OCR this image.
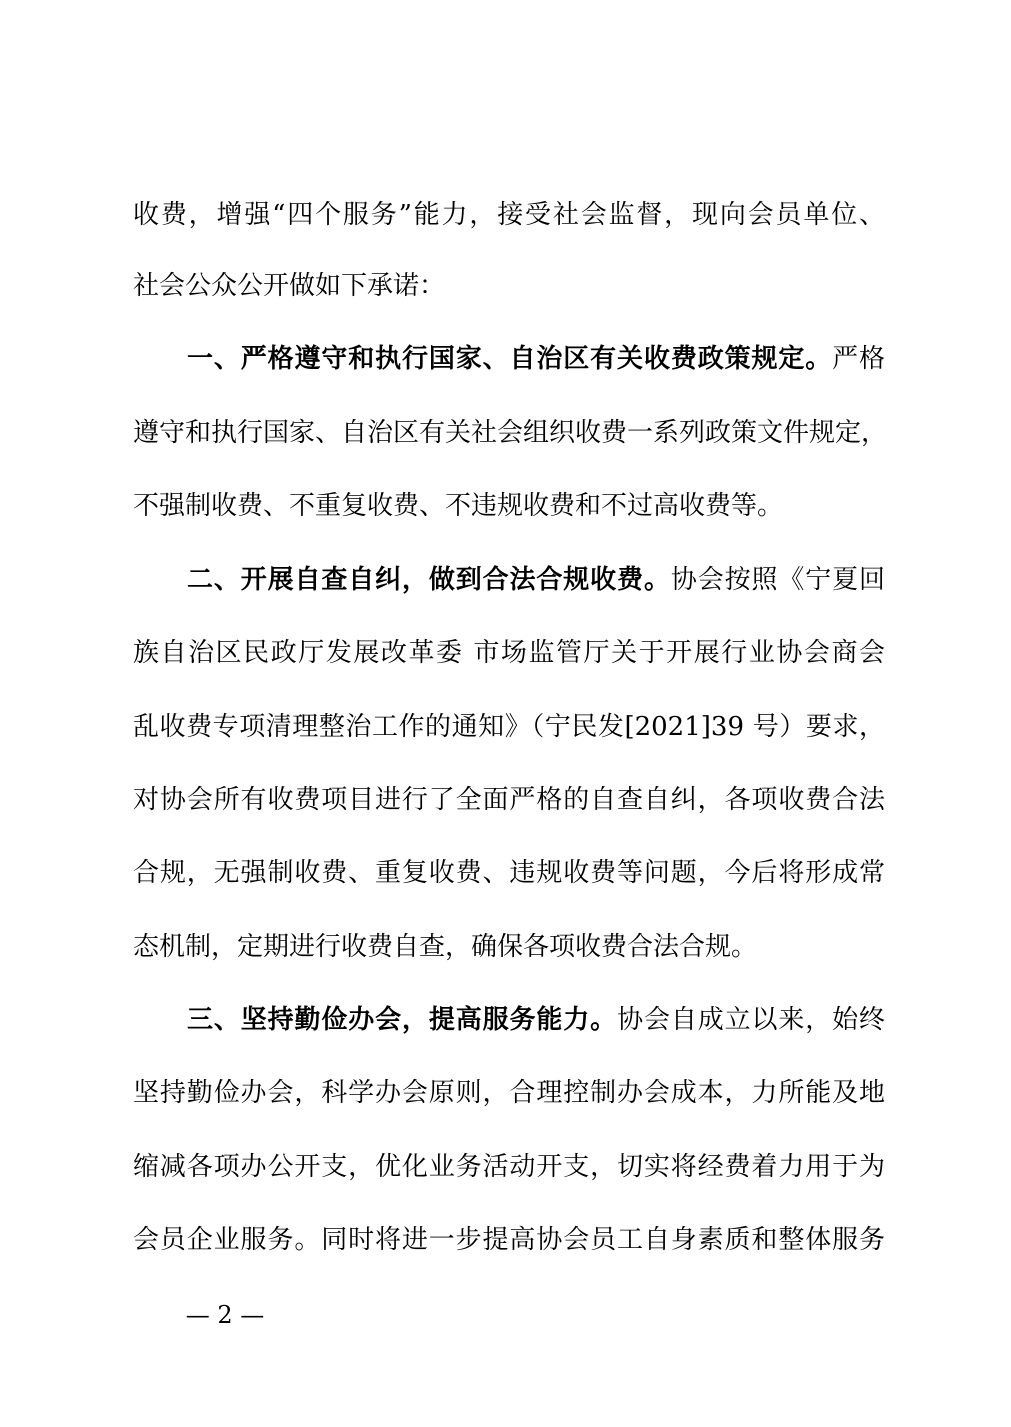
收费，增强“四个服务”能力，接受社会监督，现向会员单位、
社会公众公开做如下承诺：
一、严格遵守和执行国家、自治区有关收费政策规定。严格
遵守和执行国家、自治区有关社会组织收费一系列政策文件规定，
不强制收费、不重复收费、不违规收费和不过高收费等。
二、开展自查自纠，做到合法合规收费。协会按照《宁夏回
族自治区民政厅发展改革委 市场监管厅关于开展行业协会商会
乱收费专项清理整治工作的通知》（宁民发[2021]39 号）要求，
对协会所有收费项目进行了全面严格的自查自纠，各项收费合法
合规，无强制收费、重复收费、违规收费等问题，今后将形成常
态机制，定期进行收费自查，确保各项收费合法合规。
三、坚持勤俭办会，提高服务能力。协会自成立以来，始终
坚持勤俭办会，科学办会原则，合理控制办会成本，力所能及地
缩减各项办公开支，优化业务活动开支，切实将经费着力用于为
会员企业服务。同时将进一步提高协会员工自身素质和整体服务
— 2 —
